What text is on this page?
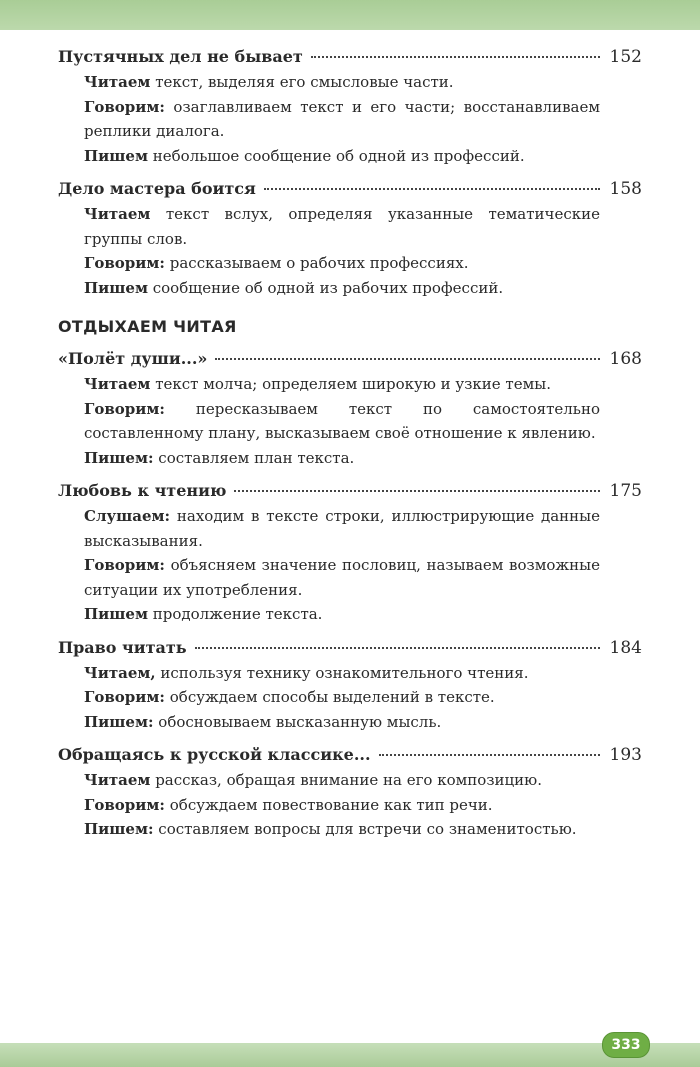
Пустячных дел не бывает	152
Читаем текст, выделяя его смысловые части.
Говорим: озаглавливаем текст и его части; восстанавливаем реплики диалога.
Пишем небольшое сообщение об одной из профессий.
Дело мастера боится	158
Читаем текст вслух, определяя указанные тематические группы слов.
Говорим: рассказываем о рабочих профессиях.
Пишем сообщение об одной из рабочих профессий.
ОТДЫХАЕМ ЧИТАЯ
«Полёт души...»	168
Читаем текст молча; определяем широкую и узкие темы.
Говорим: пересказываем текст по самостоятельно составленному плану, высказываем своё отношение к явлению.
Пишем: составляем план текста.
Любовь к чтению	175
Слушаем: находим в тексте строки, иллюстрирующие данные высказывания.
Говорим: объясняем значение пословиц, называем возможные ситуации их употребления.
Пишем продолжение текста.
Право читать	184
Читаем, используя технику ознакомительного чтения.
Говорим: обсуждаем способы выделений в тексте.
Пишем: обосновываем высказанную мысль.
Обращаясь к русской классике...	193
Читаем рассказ, обращая внимание на его композицию.
Говорим: обсуждаем повествование как тип речи.
Пишем: составляем вопросы для встречи со знаменитостью.
333
